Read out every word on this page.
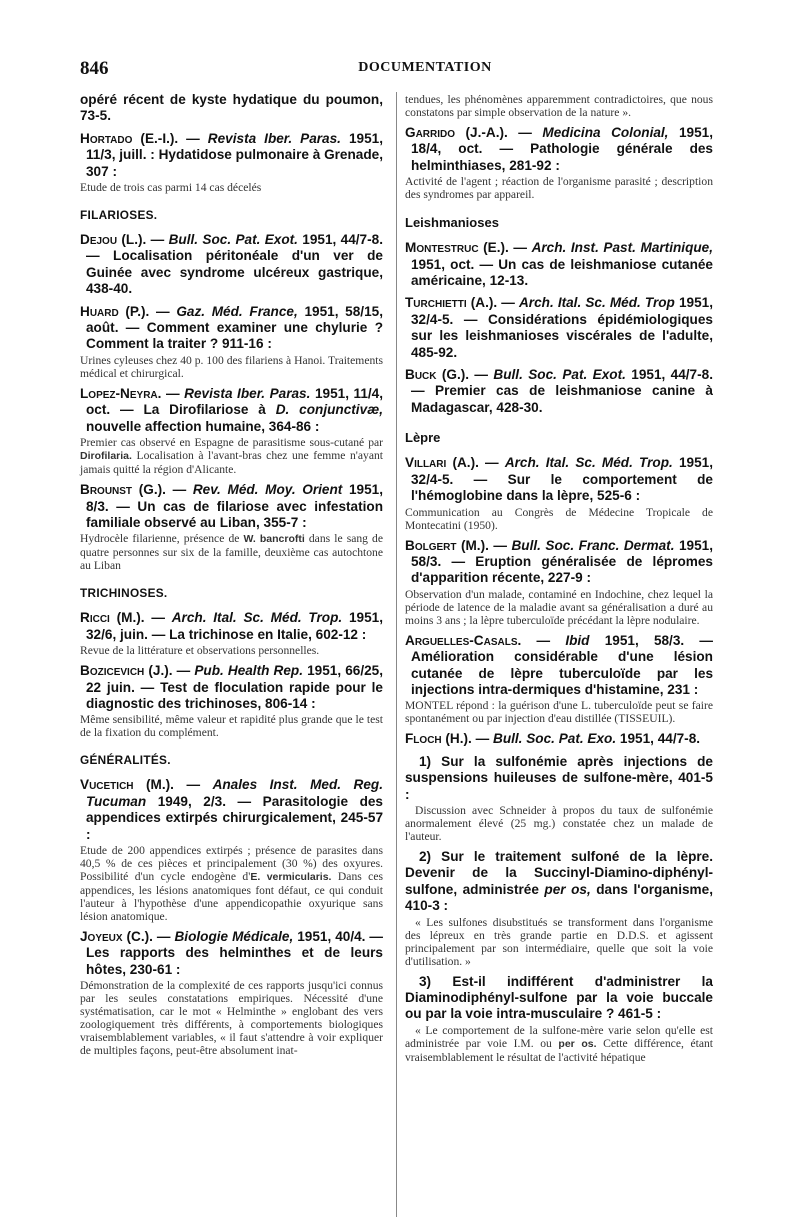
846	DOCUMENTATION
opéré récent de kyste hydatique du poumon, 73-5.
Hortado (E.-I.). — Revista Iber. Paras. 1951, 11/3, juill. : Hydatidose pulmonaire à Grenade, 307 :
Etude de trois cas parmi 14 cas décelés
FILARIOSES.
Dejou (L.). — Bull. Soc. Pat. Exot. 1951, 44/7-8. — Localisation péritonéale d'un ver de Guinée avec syndrome ulcéreux gastrique, 438-40.
Huard (P.). — Gaz. Méd. France, 1951, 58/15, août. — Comment examiner une chylurie ? Comment la traiter ? 911-16 :
Urines cyleuses chez 40 p. 100 des filariens à Hanoi. Traitements médical et chirurgical.
Lopez-Neyra. — Revista Iber. Paras. 1951, 11/4, oct. — La Dirofilariose à D. conjunctivæ, nouvelle affection humaine, 364-86 :
Premier cas observé en Espagne de parasitisme sous-cutané par Dirofilaria. Localisation à l'avant-bras chez une femme n'ayant jamais quitté la région d'Alicante.
Brounst (G.). — Rev. Méd. Moy. Orient 1951, 8/3. — Un cas de filariose avec infestation familiale observé au Liban, 355-7 :
Hydrocèle filarienne, présence de W. bancrofti dans le sang de quatre personnes sur six de la famille, deuxième cas autochtone au Liban
TRICHINOSES.
Ricci (M.). — Arch. Ital. Sc. Méd. Trop. 1951, 32/6, juin. — La trichinose en Italie, 602-12 :
Revue de la littérature et observations personnelles.
Bozicevich (J.). — Pub. Health Rep. 1951, 66/25, 22 juin. — Test de floculation rapide pour le diagnostic des trichinoses, 806-14 :
Même sensibilité, même valeur et rapidité plus grande que le test de la fixation du complément.
GÉNÉRALITÉS.
Vucetich (M.). — Anales Inst. Med. Reg. Tucuman 1949, 2/3. — Parasitologie des appendices extirpés chirurgicalement, 245-57 :
Etude de 200 appendices extirpés ; présence de parasites dans 40,5 % de ces pièces et principalement (30 %) des oxyures. Possibilité d'un cycle endogène d'E. vermicularis. Dans ces appendices, les lésions anatomiques font défaut, ce qui conduit l'auteur à l'hypothèse d'une appendicopathie oxyurique sans lésion anatomique.
Joyeux (C.). — Biologie Médicale, 1951, 40/4. — Les rapports des helminthes et de leurs hôtes, 230-61 :
Démonstration de la complexité de ces rapports jusqu'ici connus par les seules constatations empiriques. Nécessité d'une systématisation, car le mot « Helminthe » englobant des vers zoologiquement très différents, à comportements biologiques vraisemblablement variables, « il faut s'attendre à voir expliquer de multiples façons, peut-être absolument inat-
tendues, les phénomènes apparemment contradictoires, que nous constatons par simple observation de la nature ».
Garrido (J.-A.). — Medicina Colonial, 1951, 18/4, oct. — Pathologie générale des helminthiases, 281-92 :
Activité de l'agent ; réaction de l'organisme parasité ; description des syndromes par appareil.
Leishmanioses
Montestruc (E.). — Arch. Inst. Past. Martinique, 1951, oct. — Un cas de leishmaniose cutanée américaine, 12-13.
Turchietti (A.). — Arch. Ital. Sc. Méd. Trop 1951, 32/4-5. — Considérations épidémiologiques sur les leishmanioses viscérales de l'adulte, 485-92.
Buck (G.). — Bull. Soc. Pat. Exot. 1951, 44/7-8. — Premier cas de leishmaniose canine à Madagascar, 428-30.
Lèpre
Villari (A.). — Arch. Ital. Sc. Méd. Trop. 1951, 32/4-5. — Sur le comportement de l'hémoglobine dans la lèpre, 525-6 :
Communication au Congrès de Médecine Tropicale de Montecatini (1950).
Bolgert (M.). — Bull. Soc. Franc. Dermat. 1951, 58/3. — Eruption généralisée de lépromes d'apparition récente, 227-9 :
Observation d'un malade, contaminé en Indochine, chez lequel la période de latence de la maladie avant sa généralisation a duré au moins 3 ans ; la lèpre tuberculoïde précédant la lèpre nodulaire.
Arguelles-Casals. — Ibid 1951, 58/3. — Amélioration considérable d'une lésion cutanée de lèpre tuberculoïde par les injections intra-dermiques d'histamine, 231 :
MONTEL répond : la guérison d'une L. tuberculoïde peut se faire spontanément ou par injection d'eau distillée (TISSEUIL).
Floch (H.). — Bull. Soc. Pat. Exo. 1951, 44/7-8.
1) Sur la sulfonémie après injections de suspensions huileuses de sulfone-mère, 401-5 :
Discussion avec Schneider à propos du taux de sulfonémie anormalement élevé (25 mg.) constatée chez un malade de l'auteur.
2) Sur le traitement sulfoné de la lèpre. Devenir de la Succinyl-Diamino-diphényl-sulfone, administrée per os, dans l'organisme, 410-3 :
« Les sulfones disubstitués se transforment dans l'organisme des lépreux en très grande partie en D.D.S. et agissent principalement par son intermédiaire, quelle que soit la voie d'utilisation. »
3) Est-il indifférent d'administrer la Diaminodiphényl-sulfone par la voie buccale ou par la voie intra-musculaire ? 461-5 :
« Le comportement de la sulfone-mère varie selon qu'elle est administrée par voie I.M. ou per os. Cette différence, étant vraisemblablement le résultat de l'activité hépatique
